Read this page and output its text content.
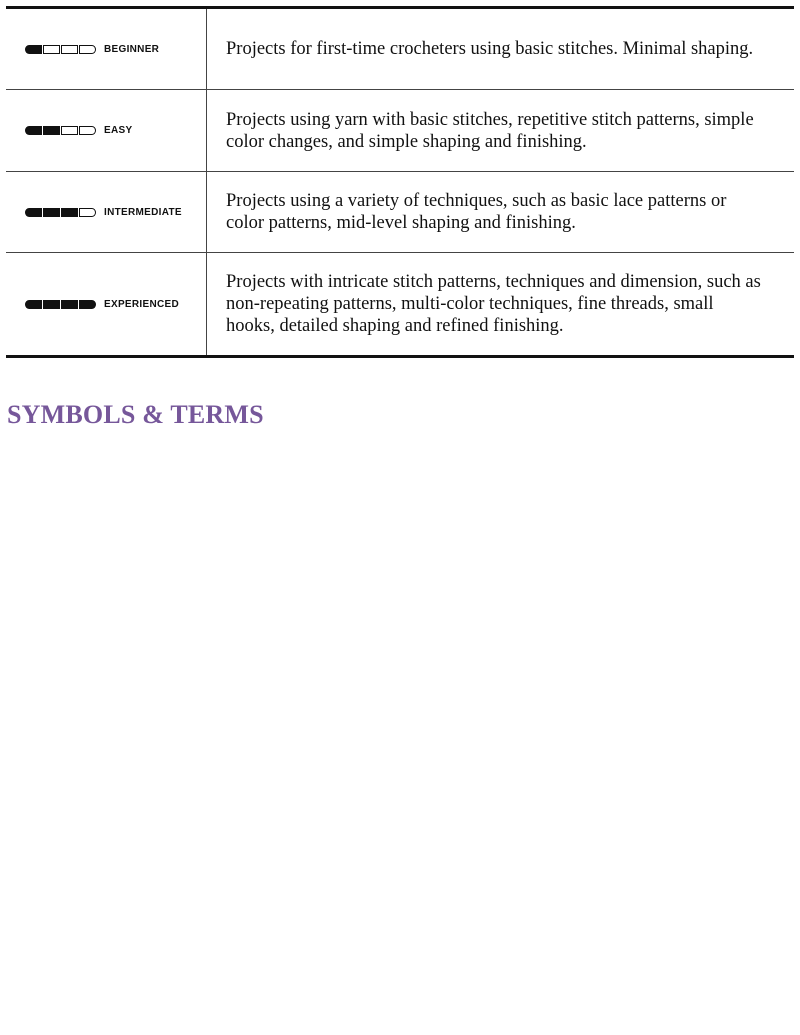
BEGINNER	Projects for first-time crocheters using basic stitches. Minimal shaping.

EASY	Projects using yarn with basic stitches, repetitive stitch patterns, simple color changes, and simple shaping and finishing.

INTERMEDIATE	Projects using a variety of techniques, such as basic lace patterns or color patterns, mid-level shaping and finishing.

EXPERIENCED	Projects with intricate stitch patterns, techniques and dimension, such as non-repeating patterns, multi-color techniques, fine threads, small hooks, detailed shaping and refined finishing.
SYMBOLS & TERMS
